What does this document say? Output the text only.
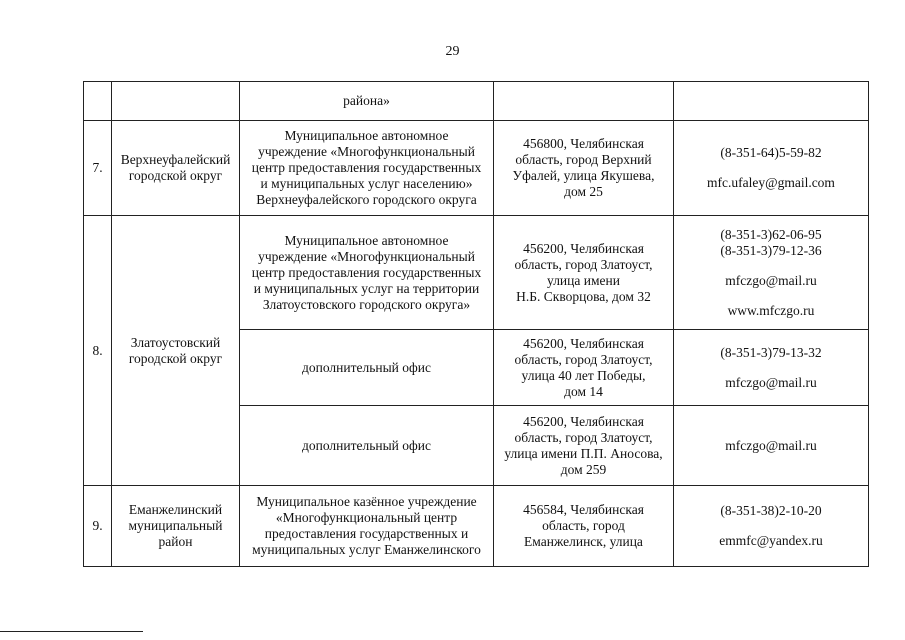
29

		района»		

7.	Верхнеуфалейский
городской округ	Муниципальное автономное
учреждение «Многофункциональный
центр предоставления государственных
и муниципальных услуг населению»
Верхнеуфалейского городского округа	456800, Челябинская
область, город Верхний
Уфалей, улица Якушева,
дом 25	(8-351-64)5-59-82
mfc.ufaley@gmail.com

8.	Златоустовский
городской округ	Муниципальное автономное
учреждение «Многофункциональный
центр предоставления государственных
и муниципальных услуг на территории
Златоустовского городского округа»	456200, Челябинская
область, город Златоуст,
улица имени
Н.Б. Скворцова, дом 32	(8-351-3)62-06-95
(8-351-3)79-12-36
mfczgo@mail.ru
www.mfczgo.ru

		дополнительный офис	456200, Челябинская
область, город Златоуст,
улица 40 лет Победы,
дом 14	(8-351-3)79-13-32
mfczgo@mail.ru

		дополнительный офис	456200, Челябинская
область, город Златоуст,
улица имени П.П. Аносова,
дом 259	mfczgo@mail.ru

9.	Еманжелинский
муниципальный
район	Муниципальное казённое учреждение
«Многофункциональный центр
предоставления государственных и
муниципальных услуг Еманжелинского	456584, Челябинская
область, город
Еманжелинск, улица	(8-351-38)2-10-20
emmfc@yandex.ru
